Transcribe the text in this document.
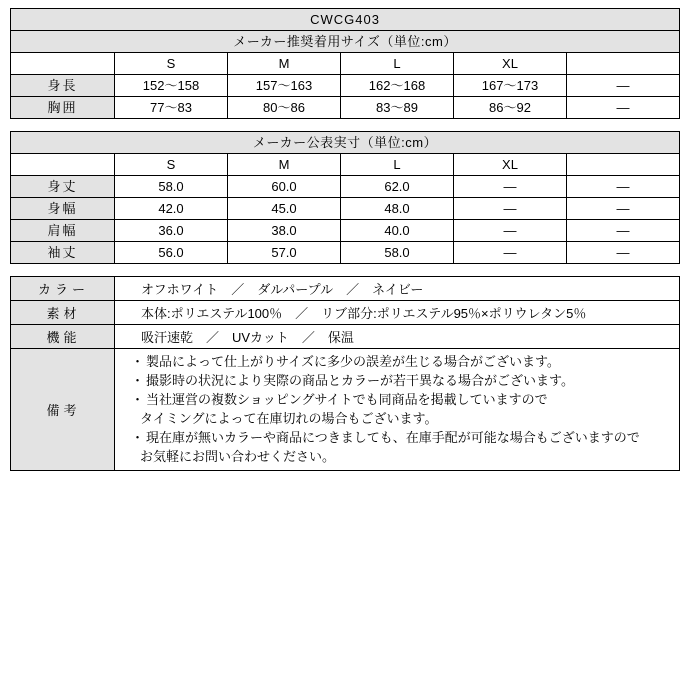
CWCG403					
メーカー推奨着用サイズ（単位:cm）					
	S	M	L	XL	
身長	152〜158	157〜163	162〜168	167〜173	―
胸囲	77〜83	80〜86	83〜89	86〜92	―
メーカー公表実寸（単位:cm）					
	S	M	L	XL	
身丈	58.0	60.0	62.0	―	―
身幅	42.0	45.0	48.0	―	―
肩幅	36.0	38.0	40.0	―	―
袖丈	56.0	57.0	58.0	―	―
カラー	オフホワイト　／　ダルパープル　／　ネイビー
素材	本体:ポリエステル100％　／　リブ部分:ポリエステル95％×ポリウレタン5％
機能	吸汗速乾　／　UVカット　／　保温
備考	
・ 製品によって仕上がりサイズに多少の誤差が生じる場合がございます。
・ 撮影時の状況により実際の商品とカラーが若干異なる場合がございます。
・ 当社運営の複数ショッピングサイトでも同商品を掲載していますので
タイミングによって在庫切れの場合もございます。
・ 現在庫が無いカラーや商品につきましても、在庫手配が可能な場合もございますので
お気軽にお問い合わせください。
